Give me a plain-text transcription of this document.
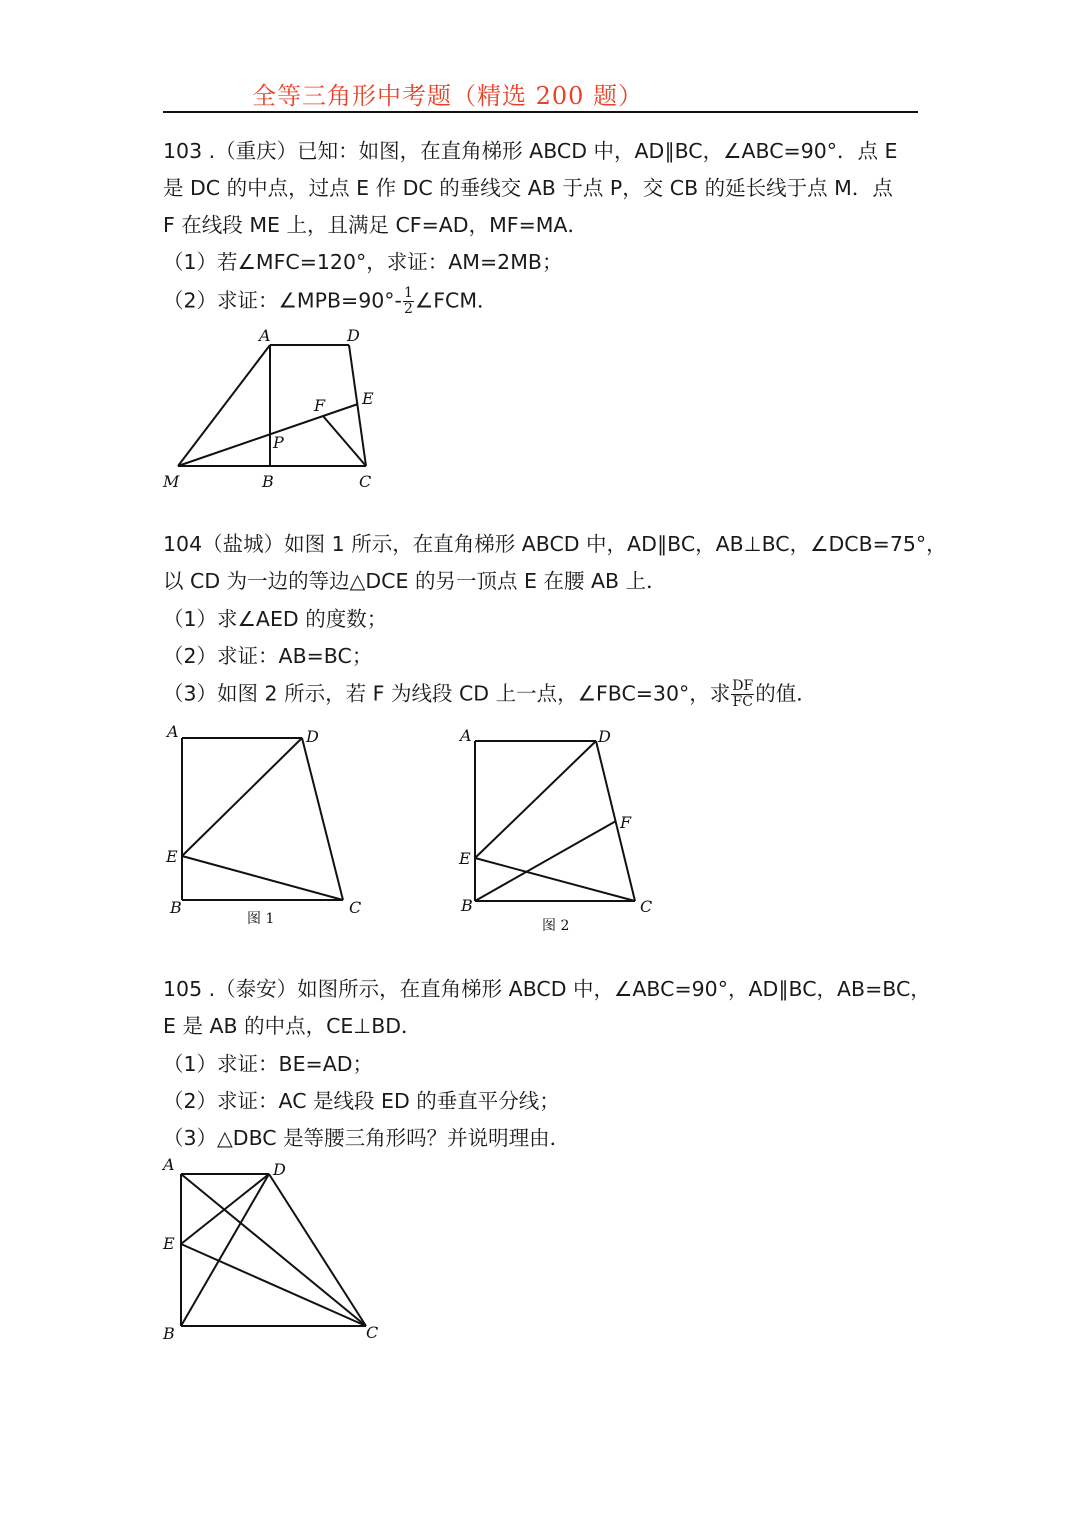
全等三角形中考题（精选 200 题）
103 .（重庆）已知：如图，在直角梯形 ABCD 中，AD∥BC，∠ABC=90°．点 E
是 DC 的中点，过点 E 作 DC 的垂线交 AB 于点 P，交 CB 的延长线于点 M．点
F 在线段 ME 上，且满足 CF=AD，MF=MA．
（1）若∠MFC=120°，求证：AM=2MB；
（2）求证：∠MPB=90°- $\frac{1}{2}$ ∠FCM．
A	D
F E
P
M	B	C
104（盐城）如图 1 所示，在直角梯形 ABCD 中，AD∥BC，AB⊥BC，∠DCB=75°，
以 CD 为一边的等边△DCE 的另一顶点 E 在腰 AB 上．
（1）求∠AED 的度数；
（2）求证：AB=BC；
（3）如图 2 所示，若 F 为线段 CD 上一点，∠FBC=30°，求 $\frac{DF}{FC}$ 的值．
A	D
E
B	C
图 1
A	D
F
E
B	C
图 2
105 .（泰安）如图所示，在直角梯形 ABCD 中，∠ABC=90°，AD∥BC，AB=BC，
E 是 AB 的中点，CE⊥BD．
（1）求证：BE=AD；
（2）求证：AC 是线段 ED 的垂直平分线；
（3）△DBC 是等腰三角形吗？并说明理由．
A	D
E
B	C
